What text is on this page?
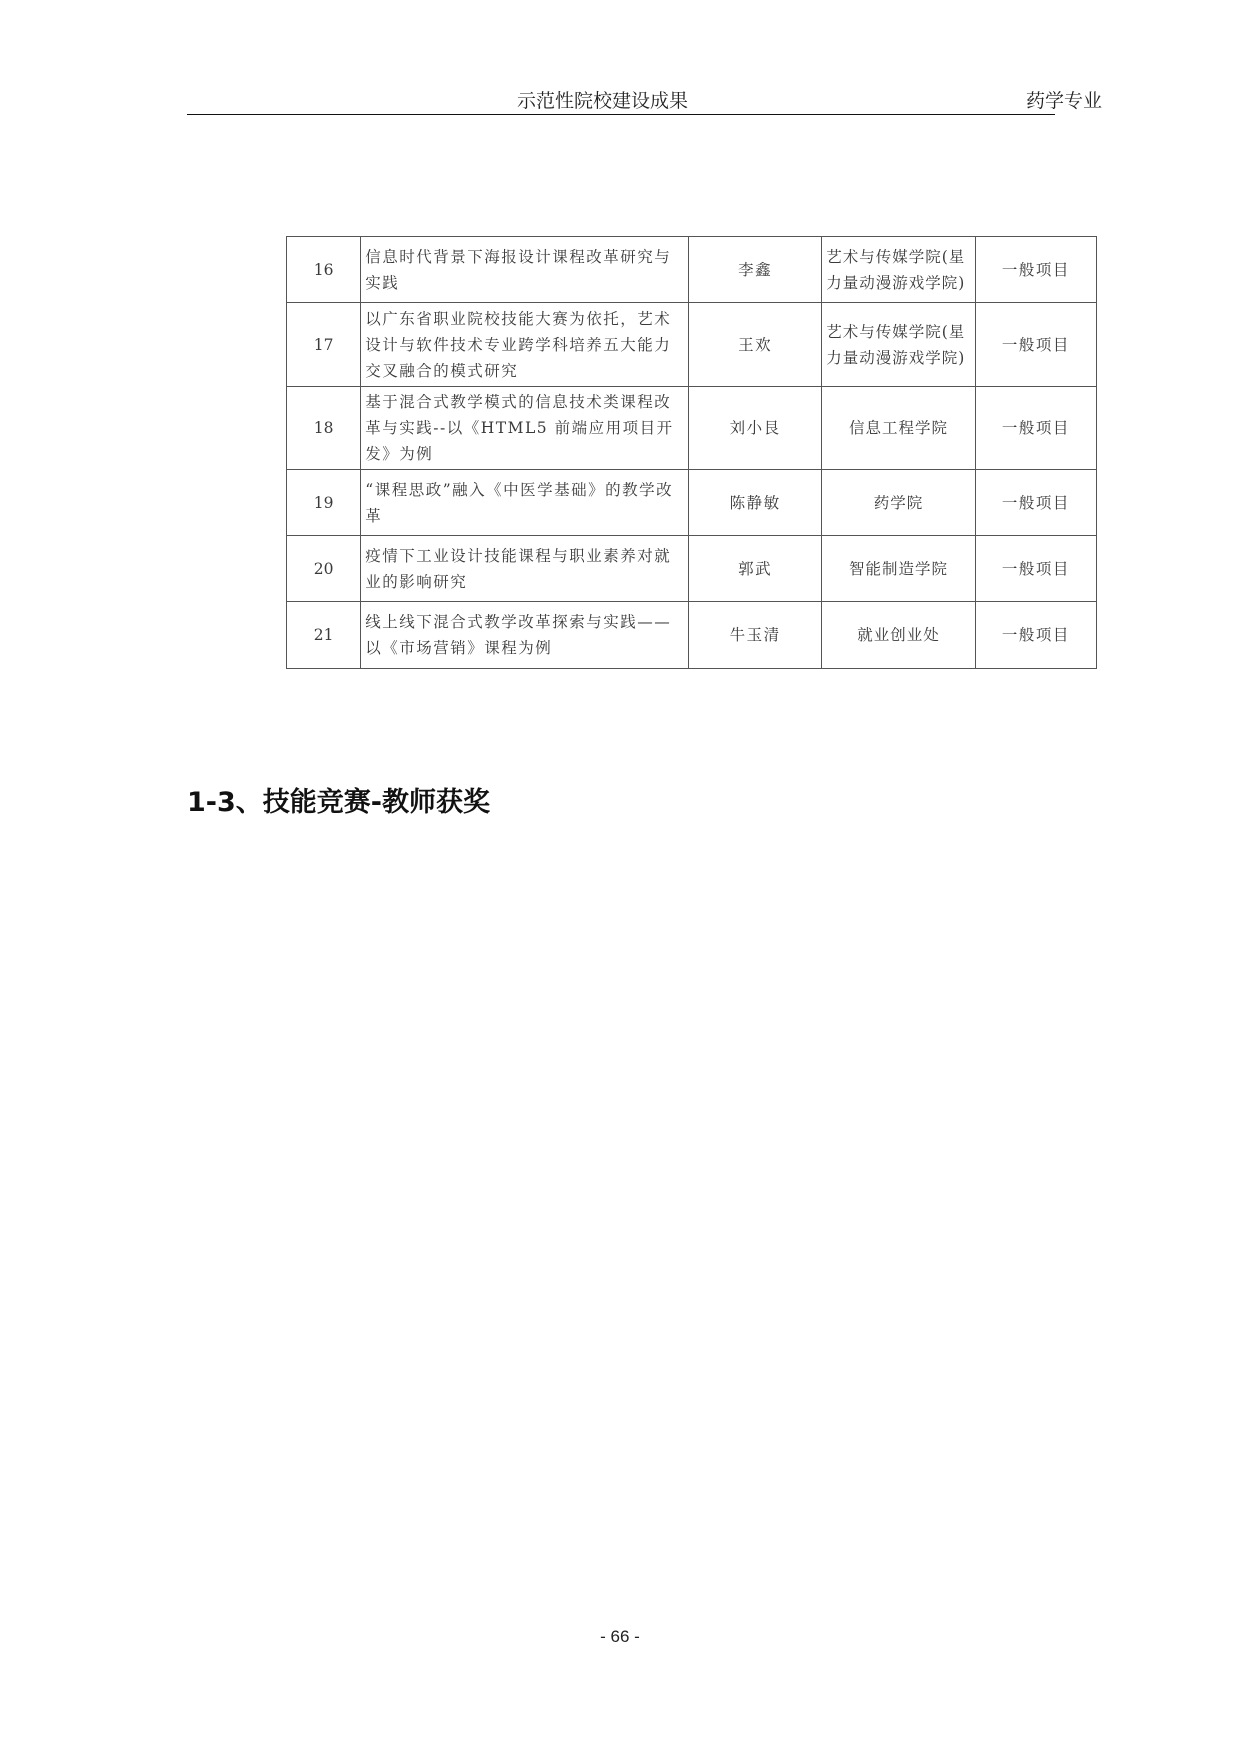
示范性院校建设成果	药学专业
16	信息时代背景下海报设计课程改革研究与实践	李鑫	艺术与传媒学院(星力量动漫游戏学院)	一般项目
17	以广东省职业院校技能大赛为依托，艺术设计与软件技术专业跨学科培养五大能力交叉融合的模式研究	王欢	艺术与传媒学院(星力量动漫游戏学院)	一般项目
18	基于混合式教学模式的信息技术类课程改革与实践--以《HTML5 前端应用项目开发》为例	刘小艮	信息工程学院	一般项目
19	“课程思政”融入《中医学基础》的教学改革	陈静敏	药学院	一般项目
20	疫情下工业设计技能课程与职业素养对就业的影响研究	郭武	智能制造学院	一般项目
21	线上线下混合式教学改革探索与实践——以《市场营销》课程为例	牛玉清	就业创业处	一般项目
1-3、技能竞赛-教师获奖
- 66 -
